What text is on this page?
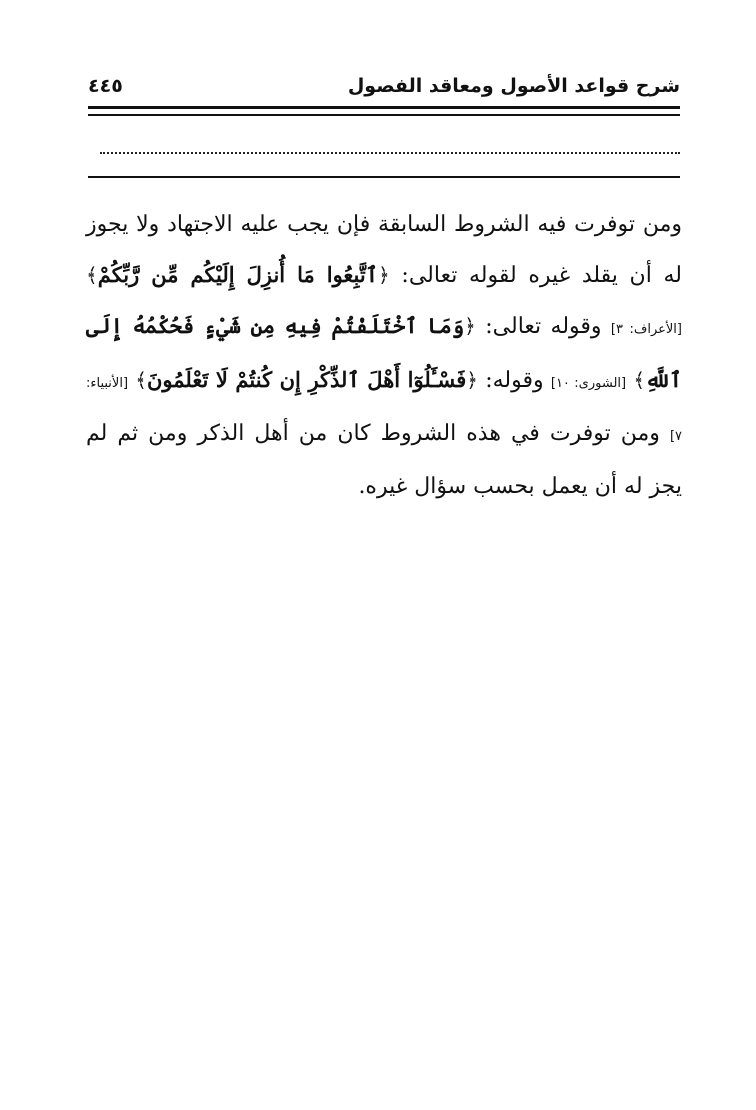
شرح قواعد الأصول ومعاقد الفصول
٤٤٥
ومن توفرت فيه الشروط السابقة فإن يجب عليه الاجتهاد ولا يجوز له أن يقلد غيره لقوله تعالى: ﴿ٱتَّبِعُوا مَا أُنزِلَ إِلَيْكُم مِّن رَّبِّكُمْ﴾ [الأعراف: ٣] وقوله تعالى: ﴿وَمَا ٱخْتَلَفْتُمْ فِيهِ مِن شَيْءٍ فَحُكْمُهُ إِلَى ٱللَّهِ﴾ [الشورى: ١٠] وقوله: ﴿فَسْـَٔلُوٓا أَهْلَ ٱلذِّكْرِ إِن كُنتُمْ لَا تَعْلَمُونَ﴾ [الأنبياء: ٧] ومن توفرت في هذه الشروط كان من أهل الذكر ومن ثم لم يجز له أن يعمل بحسب سؤال غيره.
